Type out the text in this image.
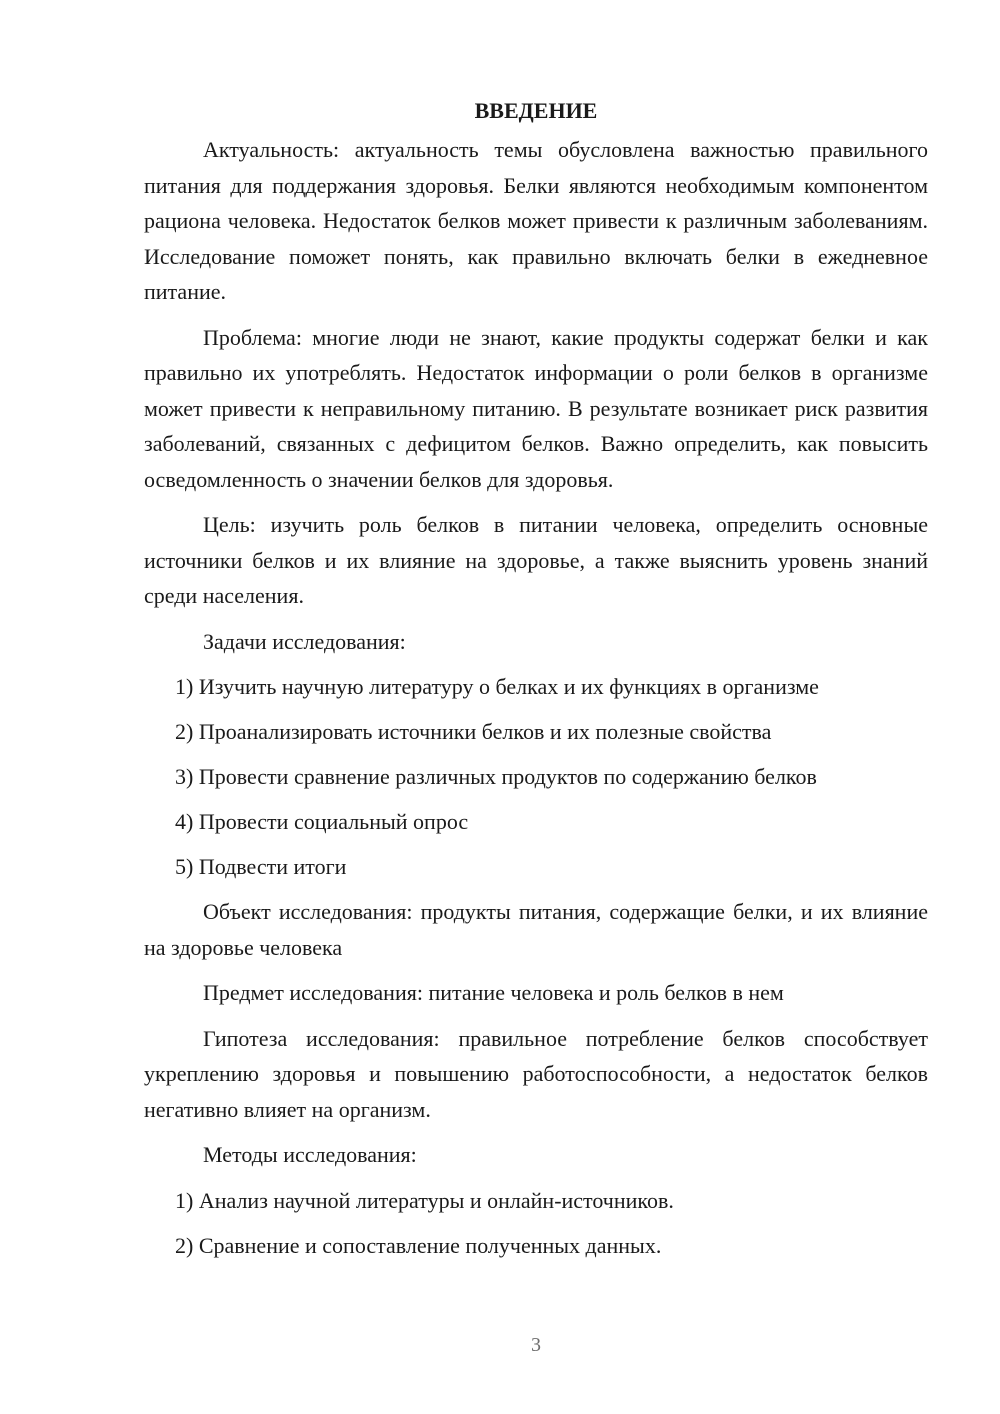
ВВЕДЕНИЕ

Актуальность: актуальность темы обусловлена важностью правильного питания для поддержания здоровья. Белки являются необходимым компонентом рациона человека. Недостаток белков может привести к различным заболеваниям. Исследование поможет понять, как правильно включать белки в ежедневное питание.

Проблема: многие люди не знают, какие продукты содержат белки и как правильно их употреблять. Недостаток информации о роли белков в организме может привести к неправильному питанию. В результате возникает риск развития заболеваний, связанных с дефицитом белков. Важно определить, как повысить осведомленность о значении белков для здоровья.

Цель: изучить роль белков в питании человека, определить основные источники белков и их влияние на здоровье, а также выяснить уровень знаний среди населения.

Задачи исследования:

1) Изучить научную литературу о белках и их функциях в организме
2) Проанализировать источники белков и их полезные свойства
3) Провести сравнение различных продуктов по содержанию белков
4) Провести социальный опрос
5) Подвести итоги

Объект исследования: продукты питания, содержащие белки, и их влияние на здоровье человека

Предмет исследования: питание человека и роль белков в нем

Гипотеза исследования: правильное потребление белков способствует укреплению здоровья и повышению работоспособности, а недостаток белков негативно влияет на организм.

Методы исследования:

1) Анализ научной литературы и онлайн-источников.
2) Сравнение и сопоставление полученных данных.
3
